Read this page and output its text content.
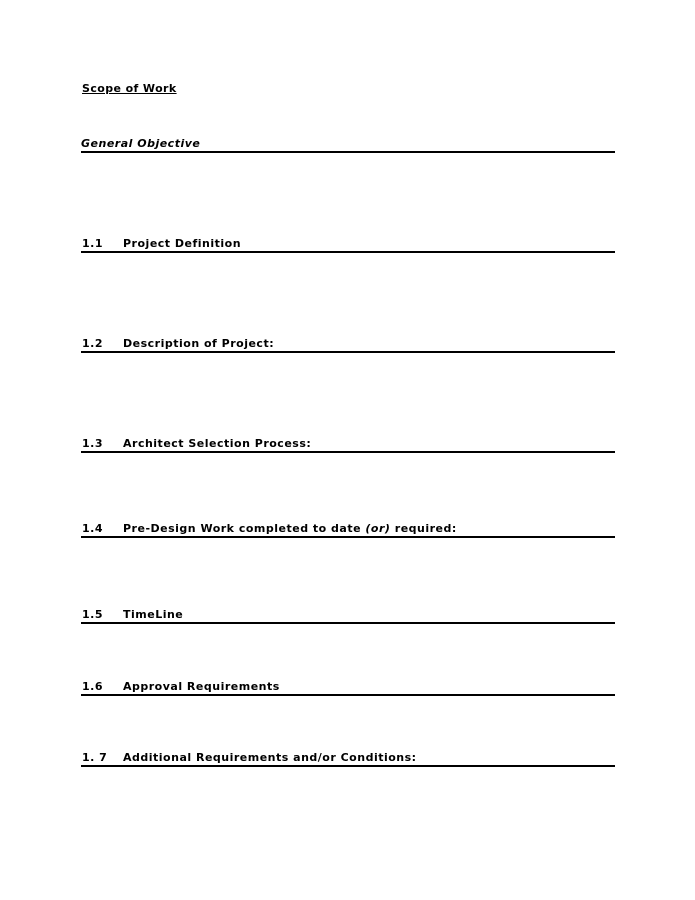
Scope of Work
General Objective
1.1 Project Definition
1.2 Description of Project:
1.3 Architect Selection Process:
1.4 Pre-Design Work completed to date (or) required:
1.5 TimeLine
1.6 Approval Requirements
1. 7 Additional Requirements and/or Conditions:
